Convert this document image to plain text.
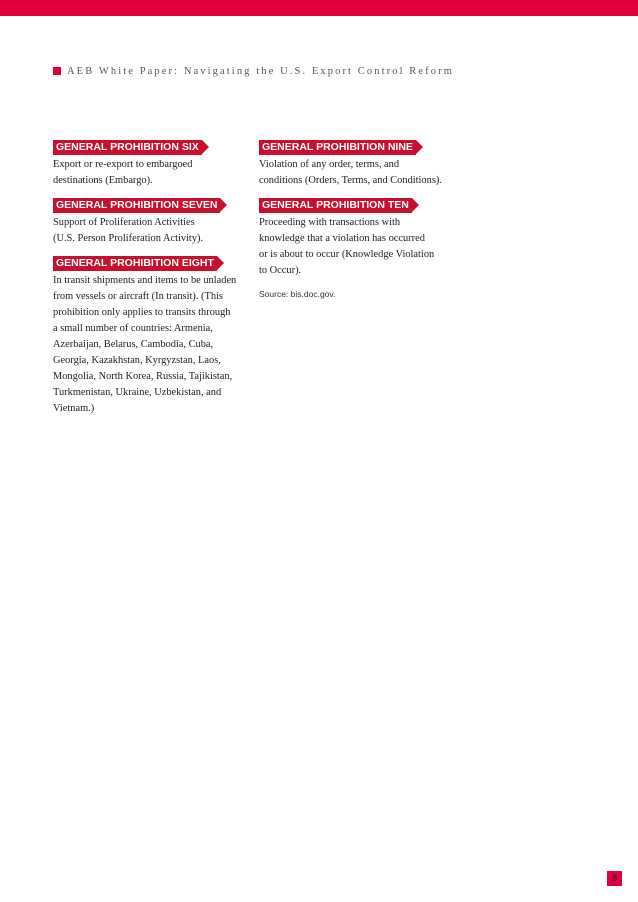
AEB White Paper: Navigating the U.S. Export Control Reform
GENERAL PROHIBITION SIX
Export or re-export to embargoed
destinations (Embargo).
GENERAL PROHIBITION SEVEN
Support of Proliferation Activities
(U.S. Person Proliferation Activity).
GENERAL PROHIBITION EIGHT
In transit shipments and items to be unladen
from vessels or aircraft (In transit). (This
prohibition only applies to transits through
a small number of countries: Armenia,
Azerbaijan, Belarus, Cambodia, Cuba,
Georgia, Kazakhstan, Kyrgyzstan, Laos,
Mongolia, North Korea, Russia, Tajikistan,
Turkmenistan, Ukraine, Uzbekistan, and
Vietnam.)
GENERAL PROHIBITION NINE
Violation of any order, terms, and
conditions (Orders, Terms, and Conditions).
GENERAL PROHIBITION TEN
Proceeding with transactions with
knowledge that a violation has occurred
or is about to occur (Knowledge Violation
to Occur).
Source: bis.doc.gov.
8
